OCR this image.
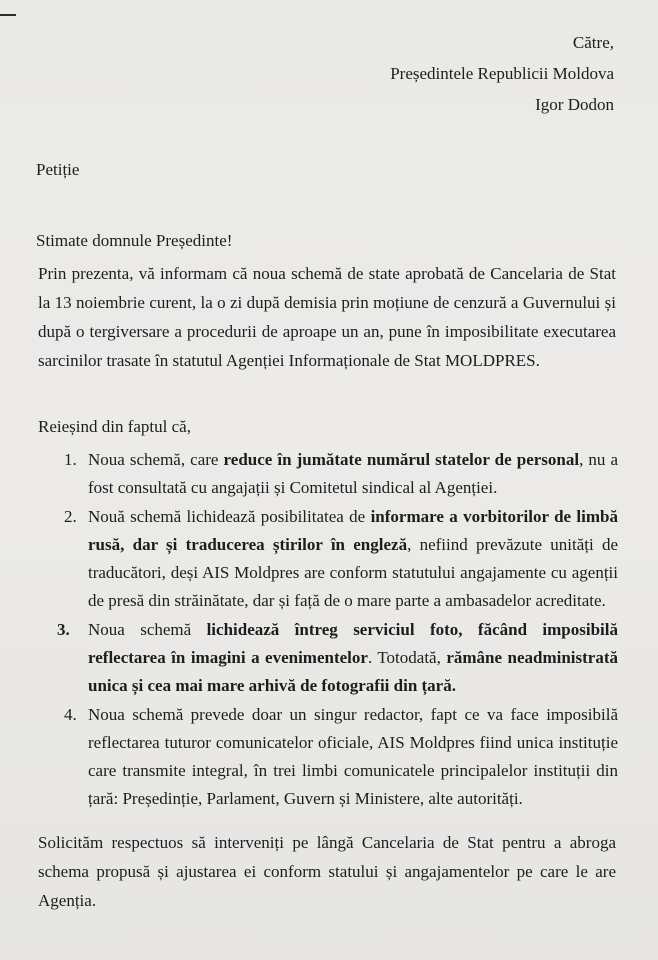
Către,
Președintele Republicii Moldova
Igor Dodon
Petiție
Stimate domnule Președinte!
Prin prezenta, vă informam că noua schemă de state aprobată de Cancelaria de Stat la 13 noiembrie curent, la o zi după demisia prin moțiune de cenzură a Guvernului și după o tergiversare a procedurii de aproape un an, pune în imposibilitate executarea sarcinilor trasate în statutul Agenției Informaționale de Stat MOLDPRES.
Reieșind din faptul că,
1. Noua schemă, care reduce în jumătate numărul statelor de personal, nu a fost consultată cu angajații și Comitetul sindical al Agenției.
2. Nouă schemă lichidează posibilitatea de informare a vorbitorilor de limbă rusă, dar și traducerea știrilor în engleză, nefiind prevăzute unități de traducători, deși AIS Moldpres are conform statutului angajamente cu agenții de presă din străinătate, dar și față de o mare parte a ambasadelor acreditate.
3. Noua schemă lichidează întreg serviciul foto, făcând imposibilă reflectarea în imagini a evenimentelor. Totodată, rămâne neadministrată unica și cea mai mare arhivă de fotografii din țară.
4. Noua schemă prevede doar un singur redactor, fapt ce va face imposibilă reflectarea tuturor comunicatelor oficiale, AIS Moldpres fiind unica instituție care transmite integral, în trei limbi comunicatele principalelor instituții din țară: Președinție, Parlament, Guvern și Ministere, alte autorități.
Solicităm respectuos să interveniți pe lângă Cancelaria de Stat pentru a abroga schema propusă și ajustarea ei conform statului și angajamentelor pe care le are Agenția.
